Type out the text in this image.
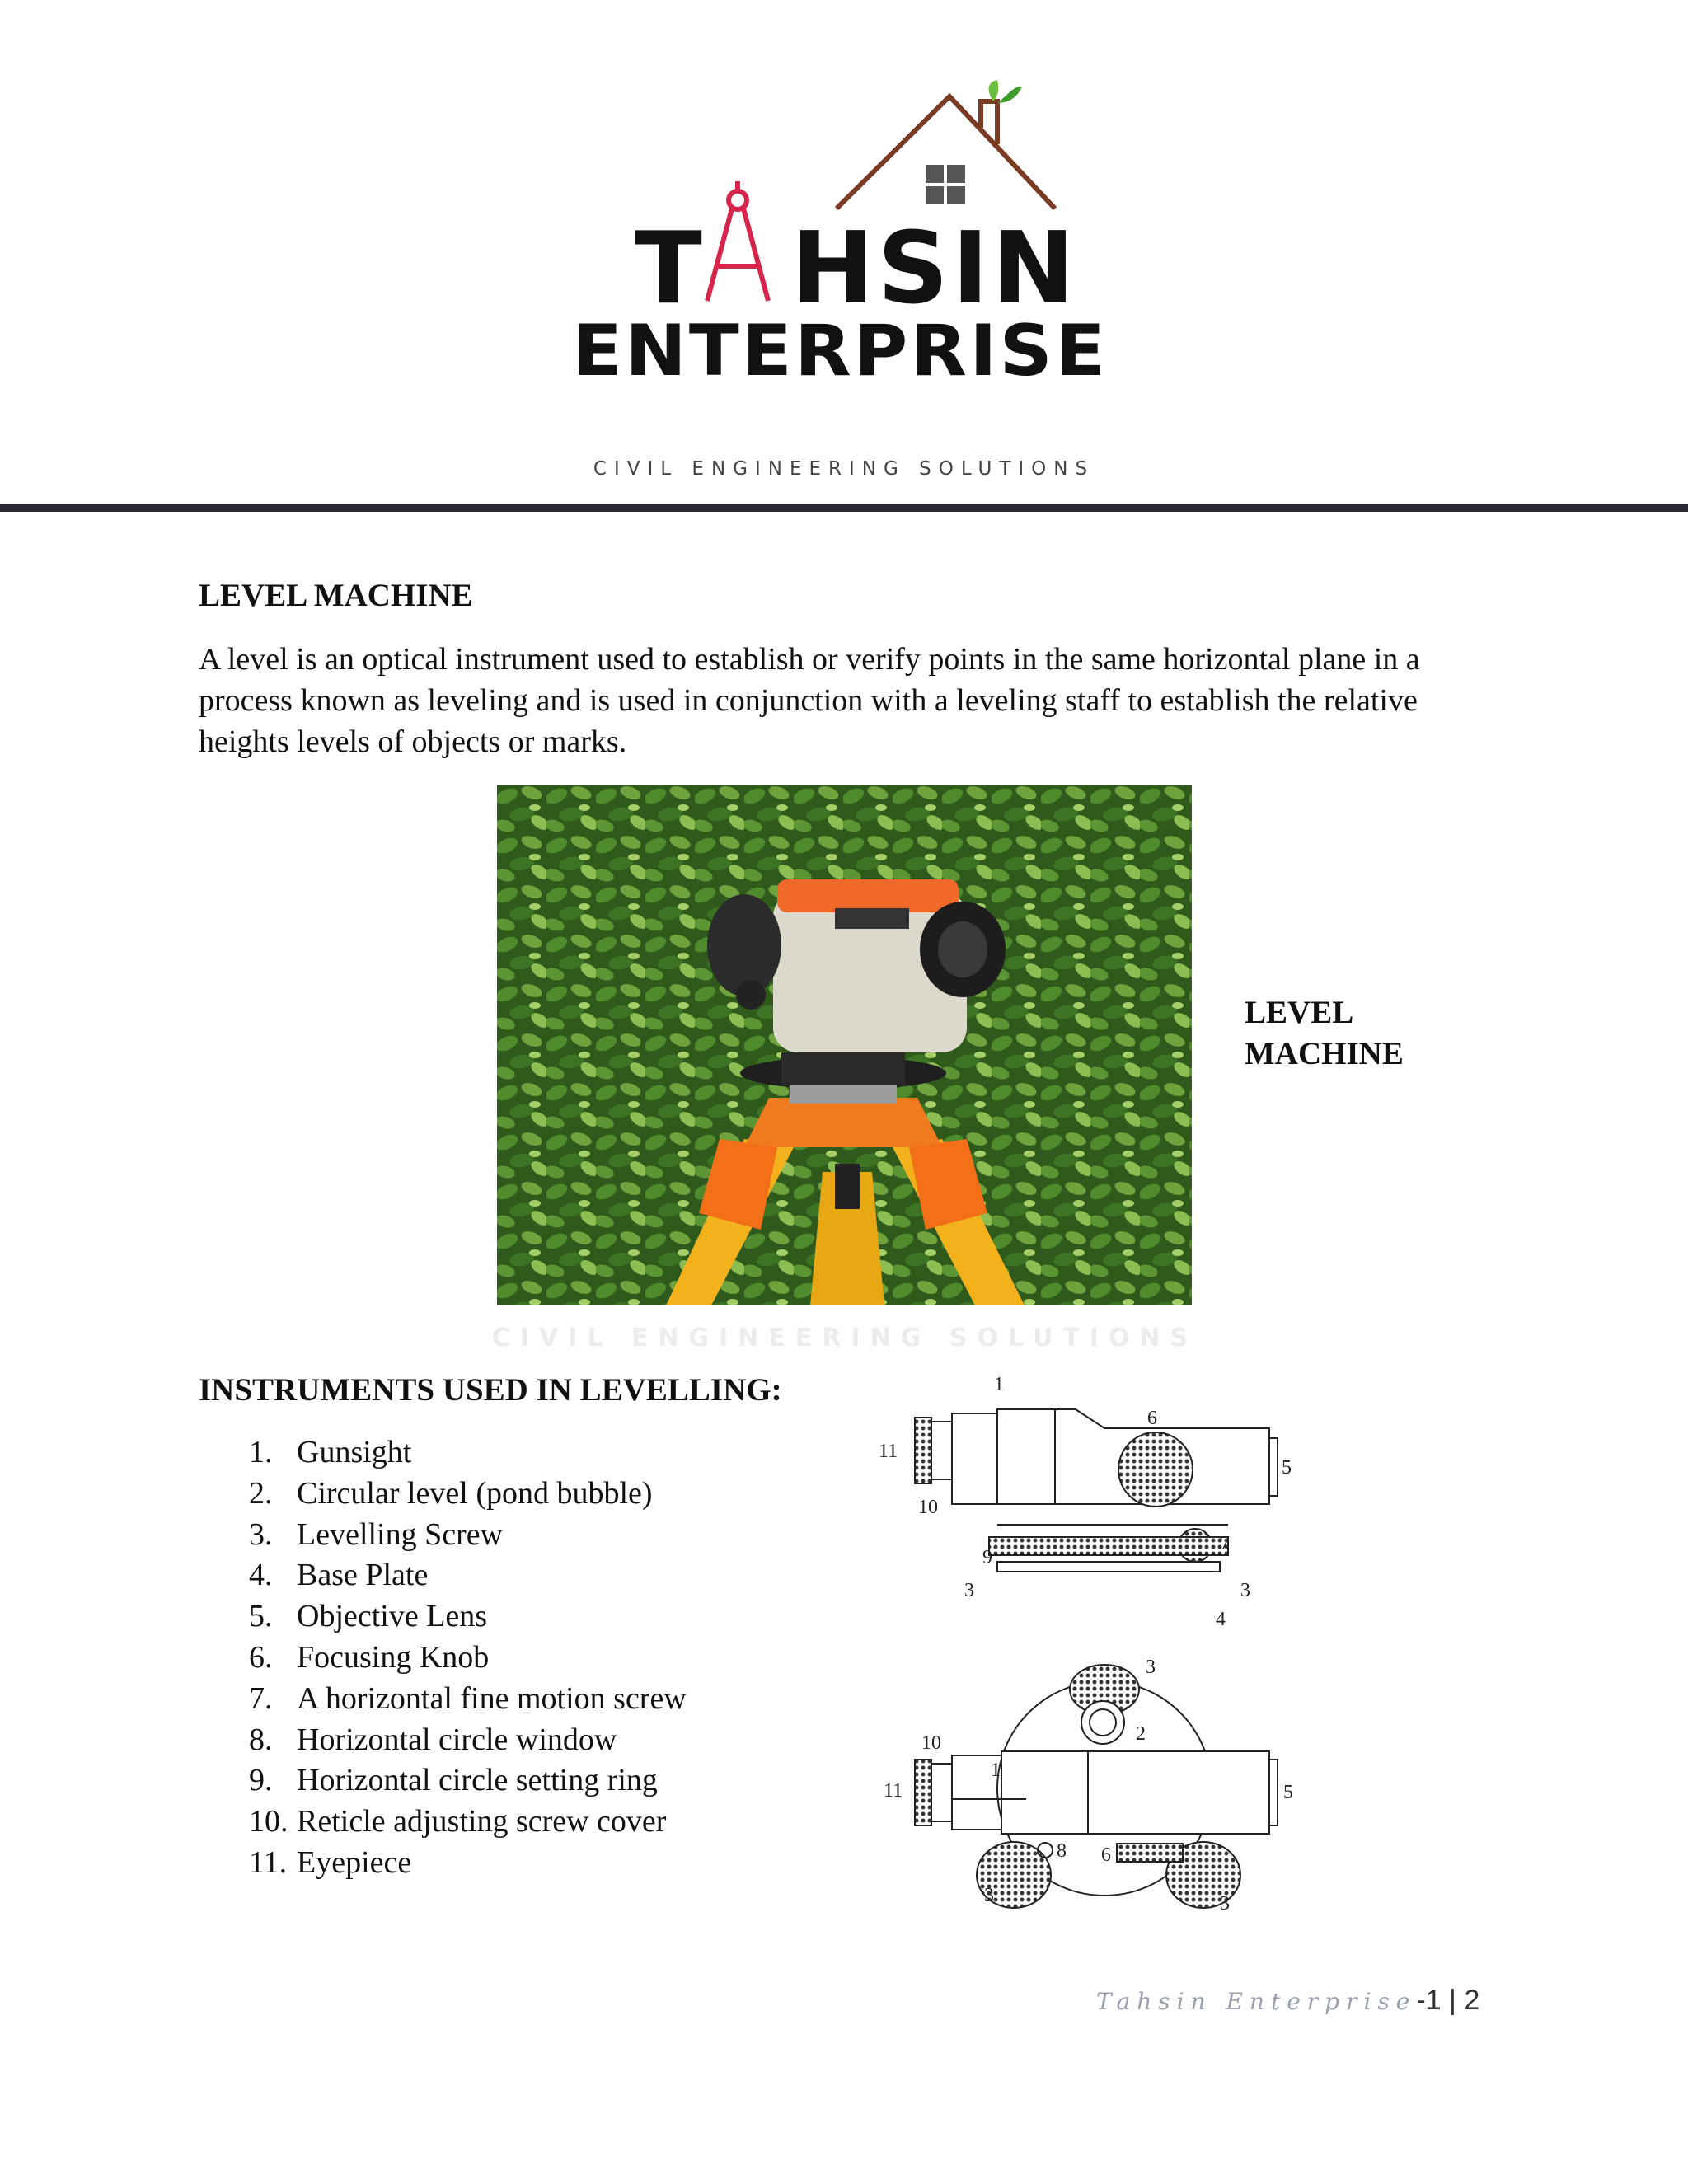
T HSIN
ENTERPRISE
CIVIL ENGINEERING SOLUTIONS
LEVEL MACHINE
A level is an optical instrument used to establish or verify points in the same horizontal plane in a process known as leveling and is used in conjunction with a leveling staff to establish the relative heights levels of objects or marks.
LEVEL
MACHINE
CIVIL ENGINEERING SOLUTIONS
INSTRUMENTS USED IN LEVELLING:
1. Gunsight
2. Circular level (pond bubble)
3. Levelling Screw
4. Base Plate
5. Objective Lens
6. Focusing Knob
7. A horizontal fine motion screw
8. Horizontal circle window
9. Horizontal circle setting ring
10. Reticle adjusting screw cover
11. Eyepiece
1
6
11
10
5
7
9
3	3
4
3
2
10
1
11	5
8 6
3	3
Tahsin Enterprise-1 | 2
